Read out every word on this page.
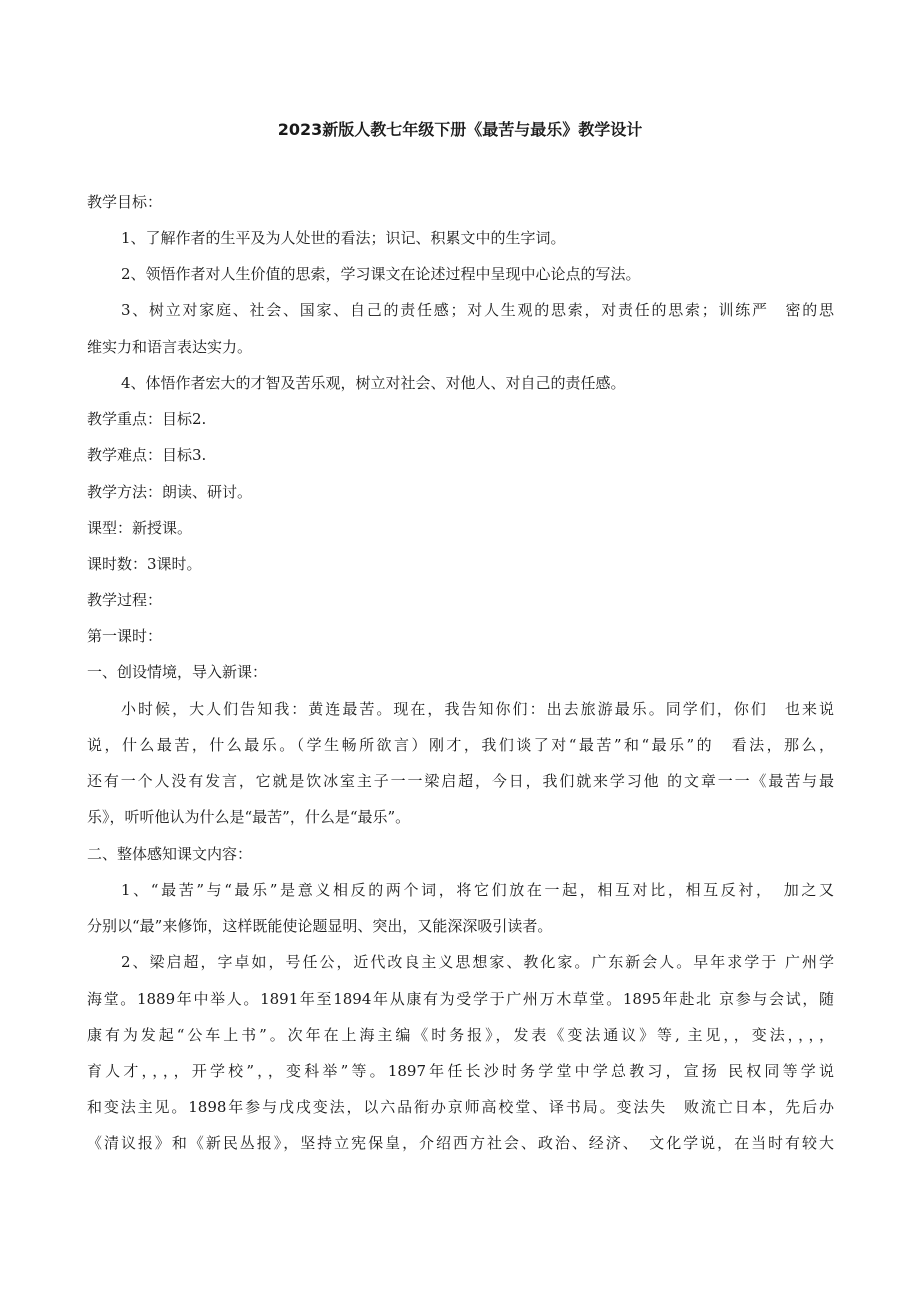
2023新版人教七年级下册《最苦与最乐》教学设计

教学目标：

1、了解作者的生平及为人处世的看法；识记、积累文中的生字词。

2、领悟作者对人生价值的思索，学习课文在论述过程中呈现中心论点的写法。

3、树立对家庭、社会、国家、自己的责任感；对人生观的思索，对责任的思索；训练严　密的思

维实力和语言表达实力。

4、体悟作者宏大的才智及苦乐观，树立对社会、对他人、对自己的责任感。

教学重点：目标2.

教学难点：目标3.

教学方法：朗读、研讨。

课型：新授课。

课时数：3课时。

教学过程：

第一课时：

一、创设情境，导入新课：

小时候，大人们告知我：黄连最苦。现在，我告知你们：出去旅游最乐。同学们，你们　也来说

说，什么最苦，什么最乐。（学生畅所欲言）刚才，我们谈了对“最苦”和“最乐”的　看法，那么，

还有一个人没有发言，它就是饮冰室主子一一梁启超，今日，我们就来学习他 的文章一一《最苦与最

乐》，听听他认为什么是“最苦”，什么是“最乐”。

二、整体感知课文内容：

1、“最苦”与“最乐”是意义相反的两个词，将它们放在一起，相互对比，相互反衬，　加之又

分别以“最”来修饰，这样既能使论题显明、突出，又能深深吸引读者。

2、梁启超，字卓如，号任公，近代改良主义思想家、教化家。广东新会人。早年求学于 广州学

海堂。1889年中举人。1891年至1894年从康有为受学于广州万木草堂。1895年赴北 京参与会试，随

康有为发起“公车上书”。次年在上海主编《时务报》，发表《变法通议》等, 主见，，变法，，，，

育人才，，，，开学校”，，变科举”等。1897年任长沙时务学堂中学总教习，宣扬 民权同等学说

和变法主见。1898年参与戊戌变法，以六品衔办京师高校堂、译书局。变法失　败流亡日本，先后办

《清议报》和《新民丛报》，坚持立宪保皇，介绍西方社会、政治、经济、　文化学说，在当时有较大
